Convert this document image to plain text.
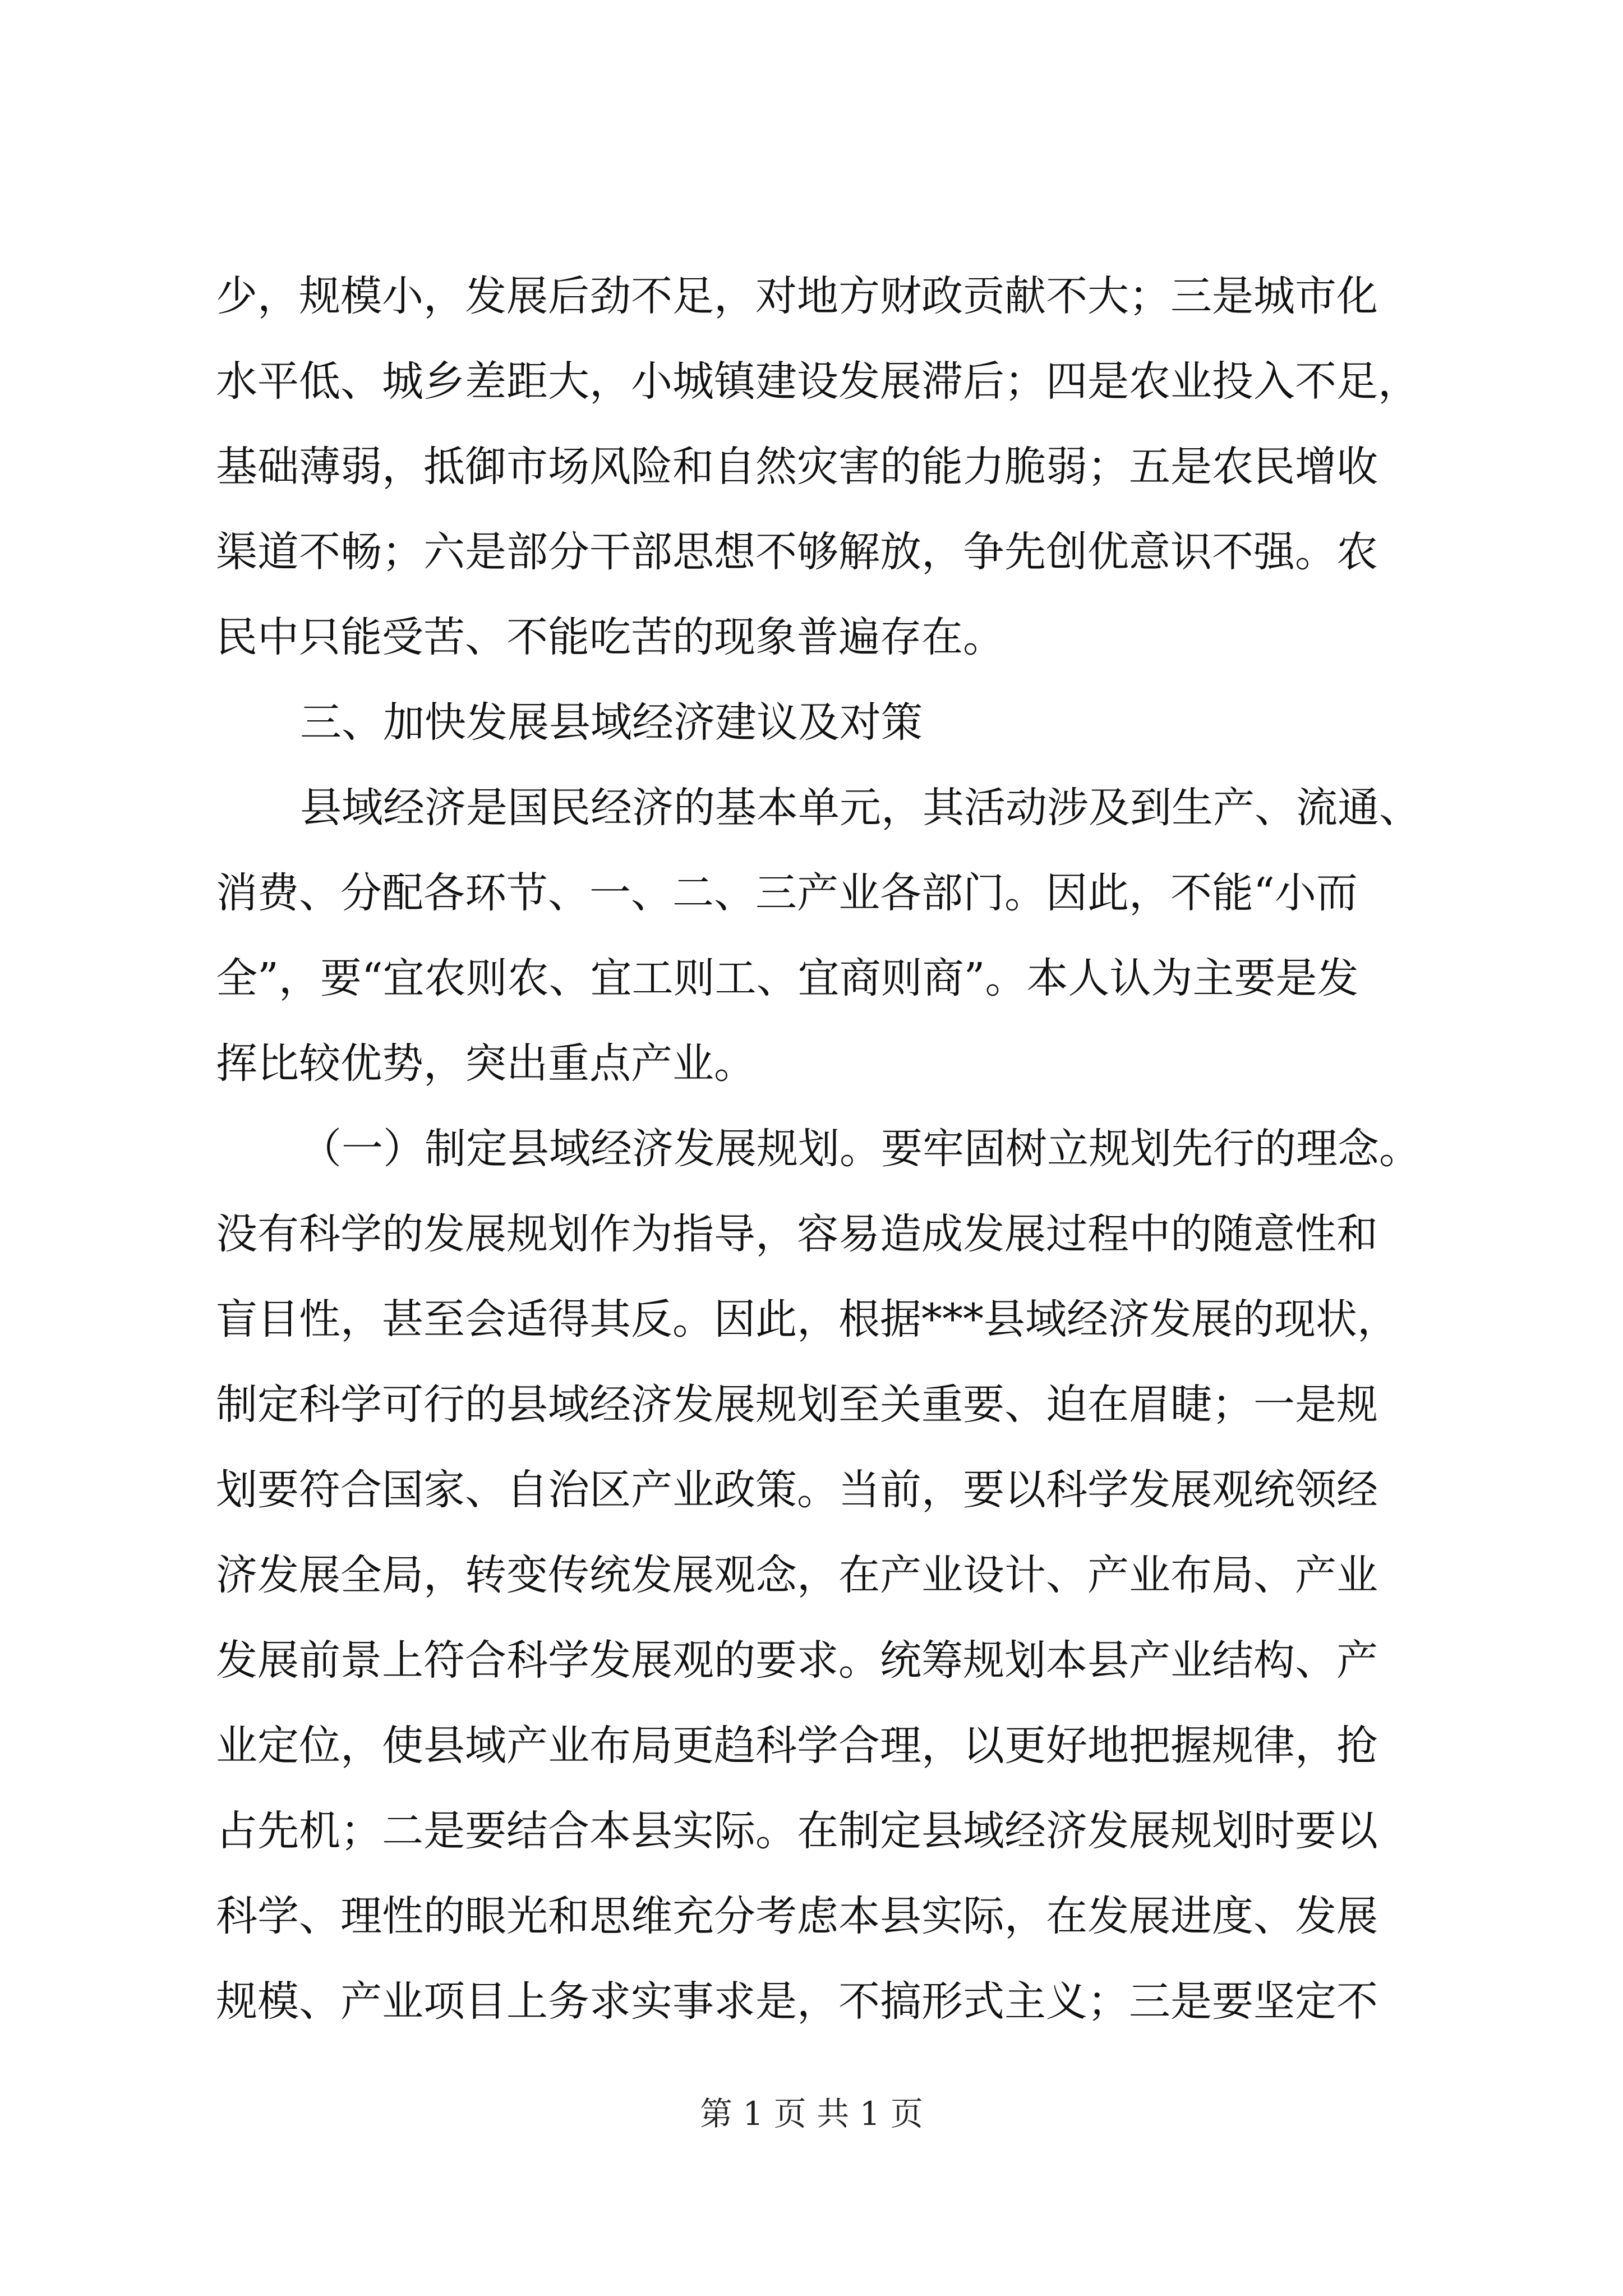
少，规模小，发展后劲不足，对地方财政贡献不大；三是城市化

水平低、城乡差距大，小城镇建设发展滞后；四是农业投入不足，

基础薄弱，抵御市场风险和自然灾害的能力脆弱；五是农民增收

渠道不畅；六是部分干部思想不够解放，争先创优意识不强。农

民中只能受苦、不能吃苦的现象普遍存在。

三、加快发展县域经济建议及对策

县域经济是国民经济的基本单元，其活动涉及到生产、流通、

消费、分配各环节、一、二、三产业各部门。因此，不能“小而

全”，要“宜农则农、宜工则工、宜商则商”。本人认为主要是发

挥比较优势，突出重点产业。

（一）制定县域经济发展规划。要牢固树立规划先行的理念。

没有科学的发展规划作为指导，容易造成发展过程中的随意性和

盲目性，甚至会适得其反。因此，根据***县域经济发展的现状，

制定科学可行的县域经济发展规划至关重要、迫在眉睫；一是规

划要符合国家、自治区产业政策。当前，要以科学发展观统领经

济发展全局，转变传统发展观念，在产业设计、产业布局、产业

发展前景上符合科学发展观的要求。统筹规划本县产业结构、产

业定位，使县域产业布局更趋科学合理，以更好地把握规律，抢

占先机；二是要结合本县实际。在制定县域经济发展规划时要以

科学、理性的眼光和思维充分考虑本县实际，在发展进度、发展

规模、产业项目上务求实事求是，不搞形式主义；三是要坚定不

第 1 页 共 1 页
